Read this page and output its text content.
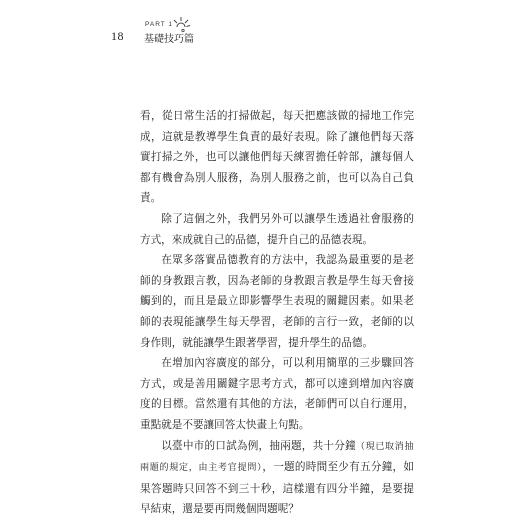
18
PART 1
基礎技巧篇

看，從日常生活的打掃做起，每天把應該做的掃地工作完成，這就是教導學生負責的最好表現。除了讓他們每天落實打掃之外，也可以讓他們每天練習擔任幹部，讓每個人都有機會為別人服務，為別人服務之前，也可以為自己負責。

除了這個之外，我們另外可以讓學生透過社會服務的方式，來成就自己的品德，提升自己的品德表現。

在眾多落實品德教育的方法中，我認為最重要的是老師的身教跟言教，因為老師的身教跟言教是學生每天會接觸到的，而且是最立即影響學生表現的關鍵因素。如果老師的表現能讓學生每天學習，老師的言行一致，老師的以身作則，就能讓學生跟著學習，提升學生的品德。

在增加內容廣度的部分，可以利用簡單的三步驟回答方式，或是善用關鍵字思考方式，都可以達到增加內容廣度的目標。當然還有其他的方法，老師們可以自行運用，重點就是不要讓回答太快畫上句點。

以臺中市的口試為例，抽兩題，共十分鐘（現已取消抽兩題的規定，由主考官提問），一題的時間至少有五分鐘，如果答題時只回答不到三十秒，這樣還有四分半鐘，是要提早結束，還是要再問幾個問題呢？
